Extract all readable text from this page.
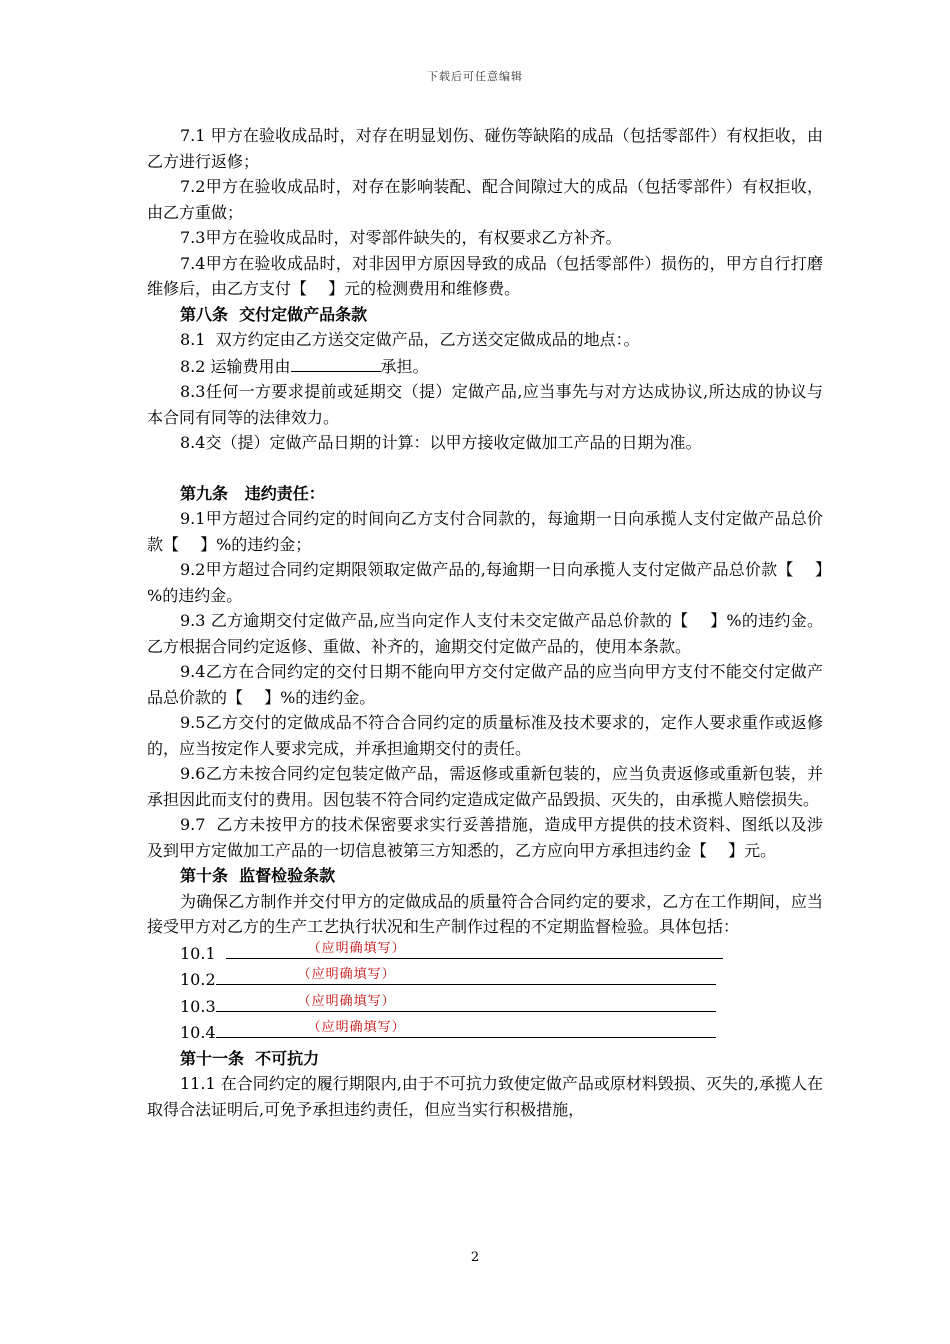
下载后可任意编辑

7.1 甲方在验收成品时，对存在明显划伤、碰伤等缺陷的成品（包括零部件）有权拒收，由乙方进行返修；

7.2甲方在验收成品时，对存在影响装配、配合间隙过大的成品（包括零部件）有权拒收，由乙方重做；

7.3甲方在验收成品时，对零部件缺失的，有权要求乙方补齐。

7.4甲方在验收成品时，对非因甲方原因导致的成品（包括零部件）损伤的，甲方自行打磨维修后，由乙方支付【　 】元的检测费用和维修费。

第八条  交付定做产品条款

8.1  双方约定由乙方送交定做产品，乙方送交定做成品的地点：。

8.2 运输费用由	承担。

8.3任何一方要求提前或延期交（提）定做产品,应当事先与对方达成协议,所达成的协议与本合同有同等的法律效力。

8.4交（提）定做产品日期的计算：以甲方接收定做加工产品的日期为准。

第九条   违约责任：

9.1甲方超过合同约定的时间向乙方支付合同款的，每逾期一日向承揽人支付定做产品总价款【　 】%的违约金；

9.2甲方超过合同约定期限领取定做产品的,每逾期一日向承揽人支付定做产品总价款【　 】%的违约金。

9.3 乙方逾期交付定做产品,应当向定作人支付未交定做产品总价款的【　 】%的违约金。乙方根据合同约定返修、重做、补齐的，逾期交付定做产品的，使用本条款。

9.4乙方在合同约定的交付日期不能向甲方交付定做产品的应当向甲方支付不能交付定做产品总价款的【　 】%的违约金。

9.5乙方交付的定做成品不符合合同约定的质量标准及技术要求的，定作人要求重作或返修的，应当按定作人要求完成，并承担逾期交付的责任。

9.6乙方未按合同约定包装定做产品，需返修或重新包装的，应当负责返修或重新包装，并承担因此而支付的费用。因包装不符合同约定造成定做产品毁损、灭失的，由承揽人赔偿损失。

9.7  乙方未按甲方的技术保密要求实行妥善措施，造成甲方提供的技术资料、图纸以及涉及到甲方定做加工产品的一切信息被第三方知悉的，乙方应向甲方承担违约金【　 】元。

第十条  监督检验条款

为确保乙方制作并交付甲方的定做成品的质量符合合同约定的要求，乙方在工作期间，应当接受甲方对乙方的生产工艺执行状况和生产制作过程的不定期监督检验。具体包括：

10.1	（应明确填写）

10.2	（应明确填写）

10.3	（应明确填写）

10.4	（应明确填写）

第十一条  不可抗力

11.1 在合同约定的履行期限内,由于不可抗力致使定做产品或原材料毁损、灭失的,承揽人在取得合法证明后,可免予承担违约责任，但应当实行积极措施，

2
